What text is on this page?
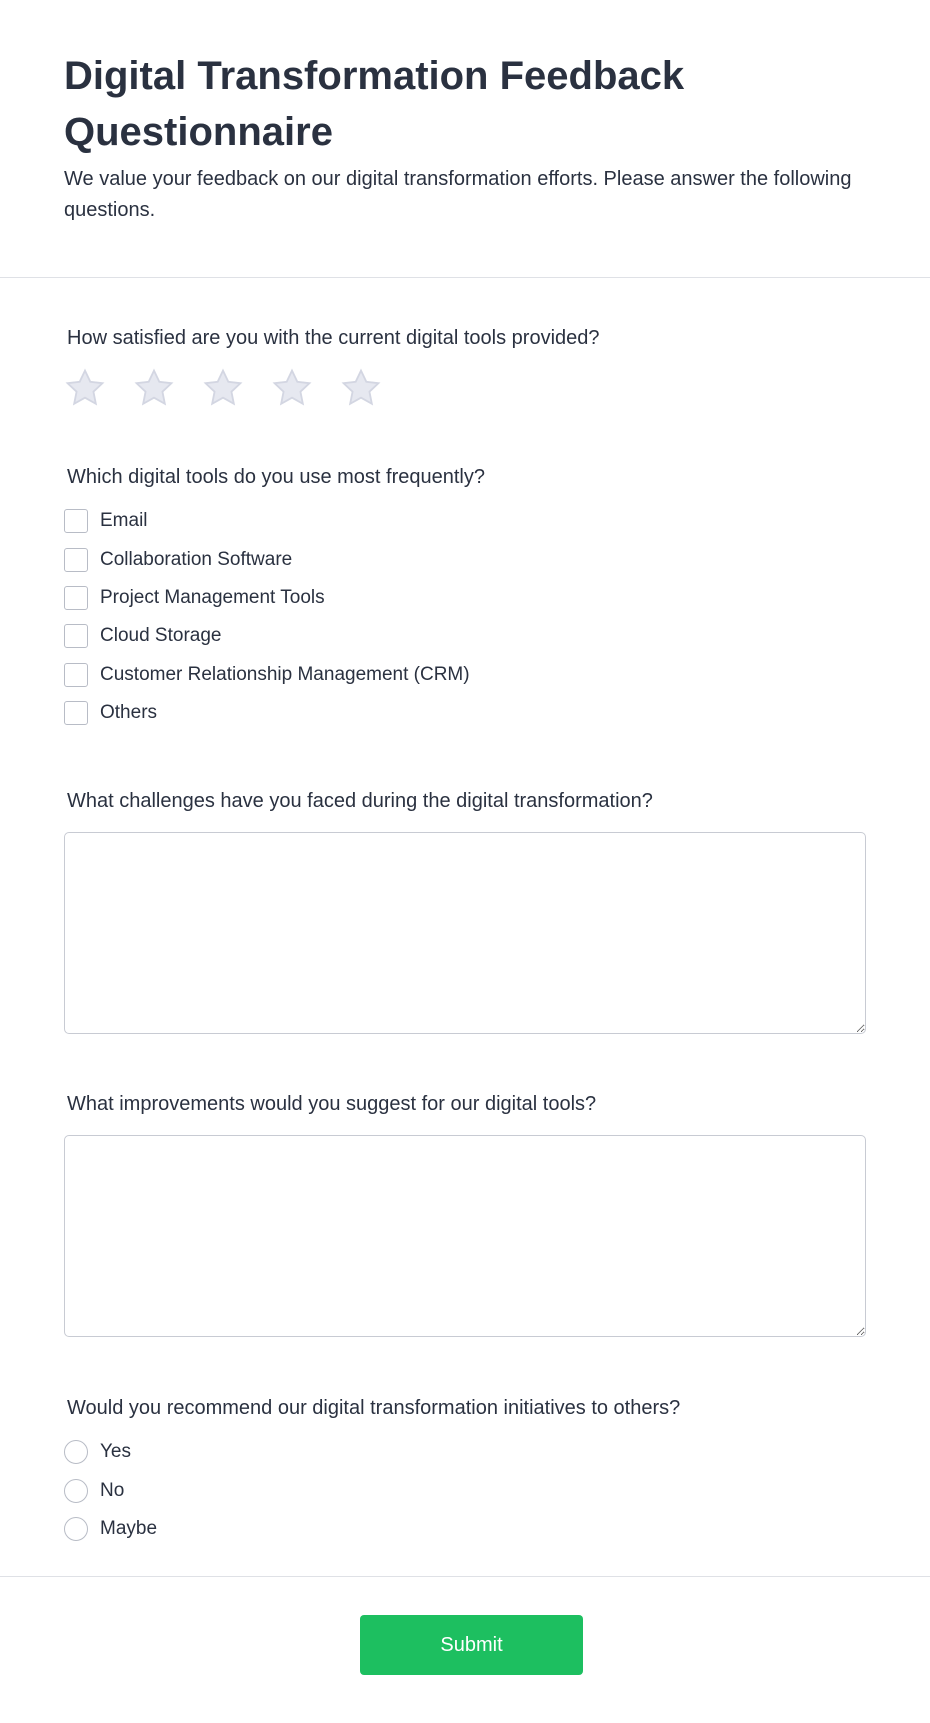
Digital Transformation Feedback Questionnaire

We value your feedback on our digital transformation efforts. Please answer the following questions.

How satisfied are you with the current digital tools provided?
Which digital tools do you use most frequently?
Email
Collaboration Software
Project Management Tools
Cloud Storage
Customer Relationship Management (CRM)
Others
What challenges have you faced during the digital transformation?
What improvements would you suggest for our digital tools?
Would you recommend our digital transformation initiatives to others?
Yes
No
Maybe
Submit
